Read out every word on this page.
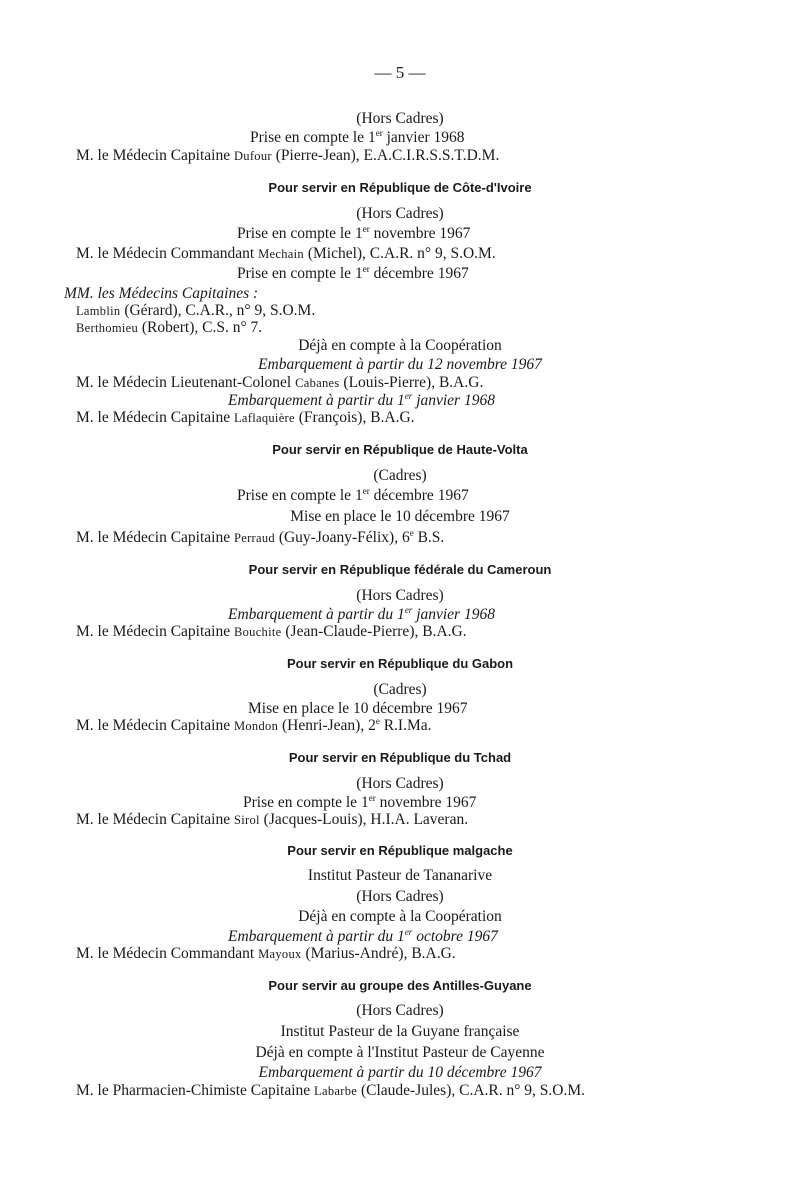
— 5 —
(Hors Cadres)
Prise en compte le 1er janvier 1968
M. le Médecin Capitaine Dufour (Pierre-Jean), E.A.C.I.R.S.S.T.D.M.
Pour servir en République de Côte-d'Ivoire
(Hors Cadres)
Prise en compte le 1er novembre 1967
M. le Médecin Commandant Mechain (Michel), C.A.R. n° 9, S.O.M.
Prise en compte le 1er décembre 1967
MM. les Médecins Capitaines :
Lamblin (Gérard), C.A.R., n° 9, S.O.M.
Berthomieu (Robert), C.S. n° 7.
Déjà en compte à la Coopération
Embarquement à partir du 12 novembre 1967
M. le Médecin Lieutenant-Colonel Cabanes (Louis-Pierre), B.A.G.
Embarquement à partir du 1er janvier 1968
M. le Médecin Capitaine Laflaquière (François), B.A.G.
Pour servir en République de Haute-Volta
(Cadres)
Prise en compte le 1er décembre 1967
Mise en place le 10 décembre 1967
M. le Médecin Capitaine Perraud (Guy-Joany-Félix), 6e B.S.
Pour servir en République fédérale du Cameroun
(Hors Cadres)
Embarquement à partir du 1er janvier 1968
M. le Médecin Capitaine Bouchite (Jean-Claude-Pierre), B.A.G.
Pour servir en République du Gabon
(Cadres)
Mise en place le 10 décembre 1967
M. le Médecin Capitaine Mondon (Henri-Jean), 2e R.I.Ma.
Pour servir en République du Tchad
(Hors Cadres)
Prise en compte le 1er novembre 1967
M. le Médecin Capitaine Sirol (Jacques-Louis), H.I.A. Laveran.
Pour servir en République malgache
Institut Pasteur de Tananarive
(Hors Cadres)
Déjà en compte à la Coopération
Embarquement à partir du 1er octobre 1967
M. le Médecin Commandant Mayoux (Marius-André), B.A.G.
Pour servir au groupe des Antilles-Guyane
(Hors Cadres)
Institut Pasteur de la Guyane française
Déjà en compte à l'Institut Pasteur de Cayenne
Embarquement à partir du 10 décembre 1967
M. le Pharmacien-Chimiste Capitaine Labarbe (Claude-Jules), C.A.R. n° 9, S.O.M.
